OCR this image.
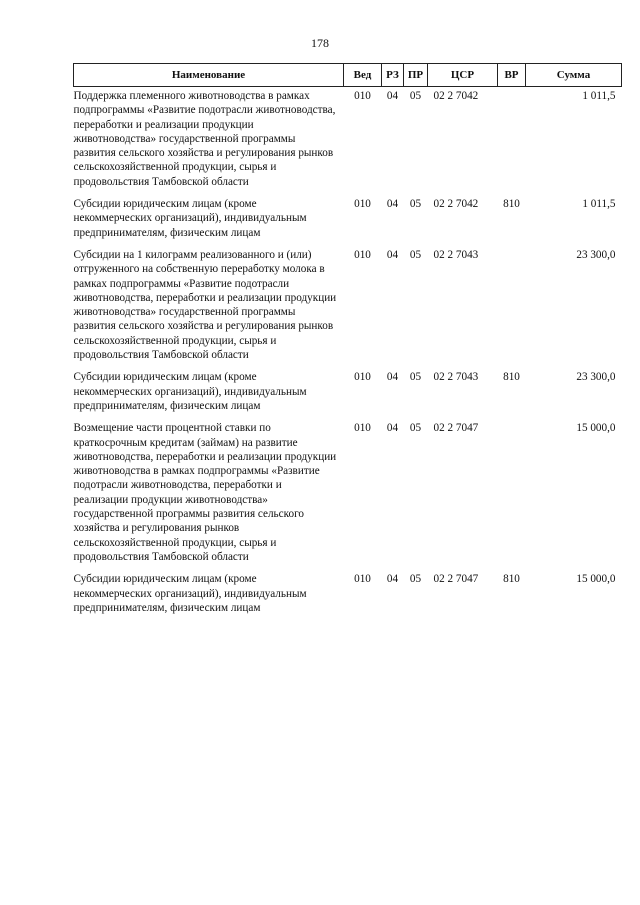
178
Наименование	Вед	РЗ	ПР	ЦСР	ВР	Сумма
Поддержка племенного животноводства в рамках подпрограммы «Развитие подотрасли животноводства, переработки и реализации продукции животноводства» государственной программы развития сельского хозяйства и регулирования рынков сельскохозяйственной продукции, сырья и продовольствия Тамбовской области	010	04	05	02 2 7042		1 011,5
Субсидии юридическим лицам (кроме некоммерческих организаций), индивидуальным предпринимателям, физическим лицам	010	04	05	02 2 7042	810	1 011,5
Субсидии на 1 килограмм реализованного и (или) отгруженного на собственную переработку молока в рамках подпрограммы «Развитие подотрасли животноводства, переработки и реализации продукции животноводства» государственной программы развития сельского хозяйства и регулирования рынков сельскохозяйственной продукции, сырья и продовольствия Тамбовской области	010	04	05	02 2 7043		23 300,0
Субсидии юридическим лицам (кроме некоммерческих организаций), индивидуальным предпринимателям, физическим лицам	010	04	05	02 2 7043	810	23 300,0
Возмещение части процентной ставки по краткосрочным кредитам (займам) на развитие животноводства, переработки и реализации продукции животноводства в рамках подпрограммы «Развитие подотрасли животноводства, переработки и реализации продукции животноводства» государственной программы развития сельского хозяйства и регулирования рынков сельскохозяйственной продукции, сырья и продовольствия Тамбовской области	010	04	05	02 2 7047		15 000,0
Субсидии юридическим лицам (кроме некоммерческих организаций), индивидуальным предпринимателям, физическим лицам	010	04	05	02 2 7047	810	15 000,0
